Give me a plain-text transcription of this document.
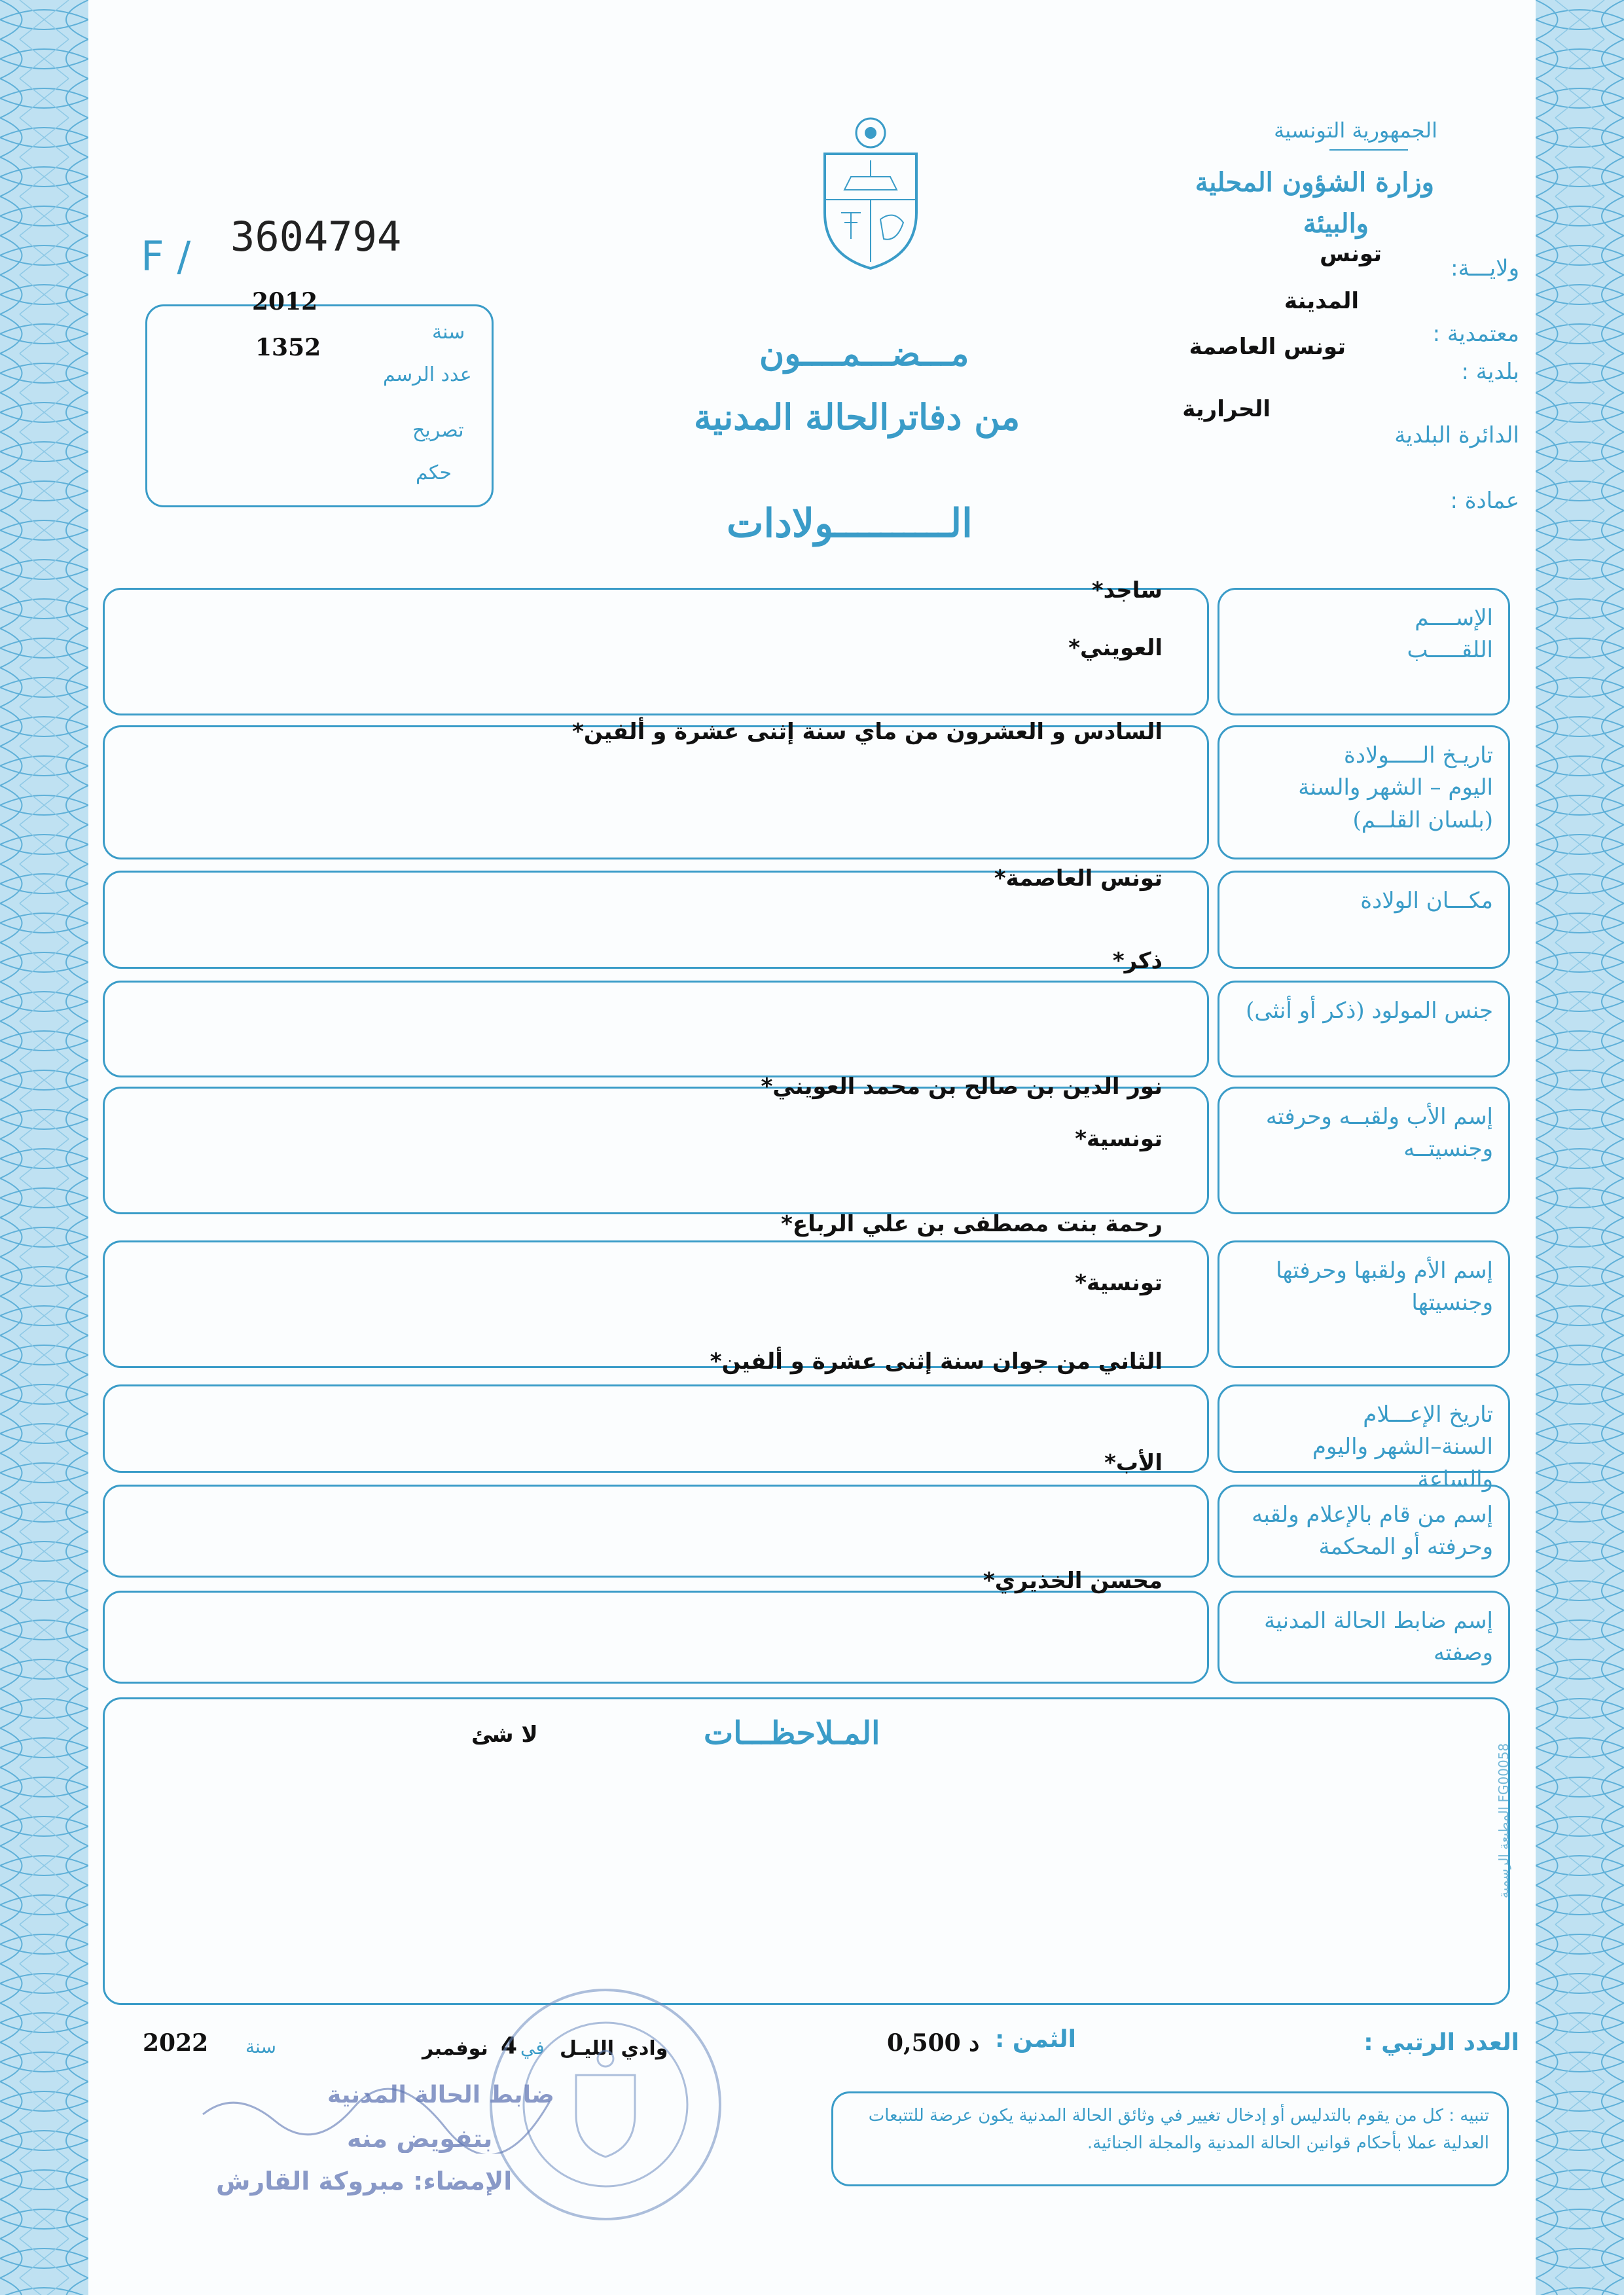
الجمهورية التونسية
وزارة الشؤون المحلية
والبيئة
ولايـــة:
تونس
معتمدية :
المدينة
بلدية :
تونس العاصمة
الدائرة البلدية
الحرارية
عمادة :
F / 3604794
2012
سنة
1352
عدد الرسم
تصريح
حكم
مـــضـــمــــون
من دفاترالحالة المدنية
الــــــــــولادات
الإســــم
اللقـــــب
ساجد*
العويني*
تاريـخ الـــــولادة
اليوم – الشهر والسنة
(بلسان القلــم)
السادس و العشرون من ماي سنة إثنى عشرة و ألفين*
مكـــان الولادة
تونس العاصمة*
جنس المولود (ذكر أو أنثى)
ذكر*
إسم الأب ولقبــه وحرفته
وجنسيتــه
نور الدين بن صالح بن محمد العويني*
تونسية*
إسم الأم ولقبها وحرفتها
وجنسيتها
رحمة بنت مصطفى بن علي الرباع*
تونسية*
تاريخ الإعـــلام
السنة–الشهر واليوم والساعة
الثاني من جوان سنة إثنى عشرة و ألفين*
إسم من قام بالإعلام ولقبه
وحرفته أو المحكمة
الأب*
إسم ضابط الحالة المدنية
وصفته
محسن الخذيري*
المـلاحظـــات
لا شئ
المطبعة الرسمية FG00058
العدد الرتبي :
الثمن :
0,500 د
وادي الليـل
في
4
نوفمبر
سنة
2022
تنبيه : كل من يقوم بالتدليس أو إدخال تغيير في وثائق الحالة المدنية يكون عرضة للتتبعات العدلية عملا بأحكام قوانين الحالة المدنية والمجلة الجنائية.
ضابط الحالة المدنية
بتفويض منه
الإمضاء: مبروكة القارش
